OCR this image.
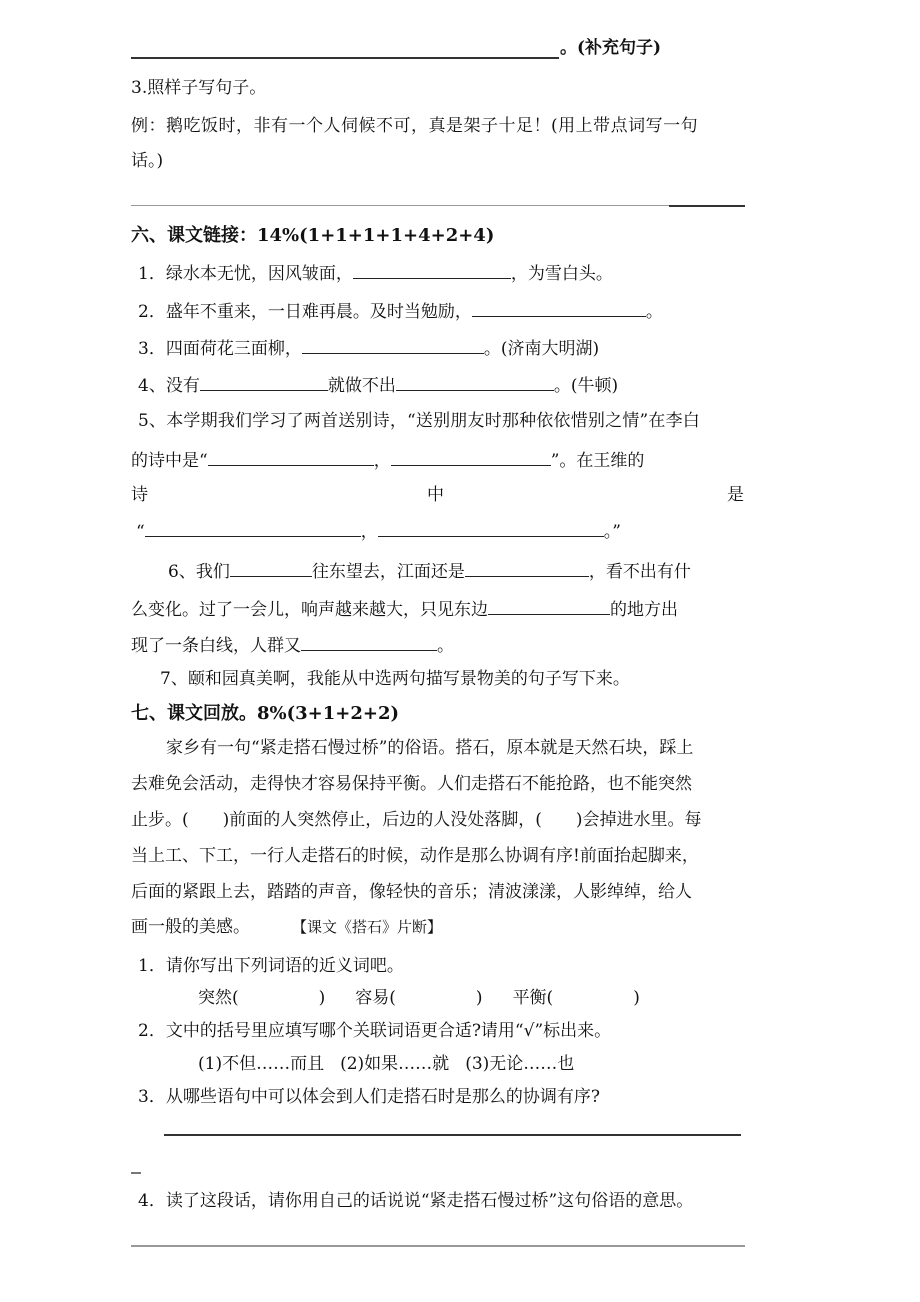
。(补充句子)
3.照样子写句子。
例：鹅吃饭时，非有一个人伺候不可，真是架子十足！(用上带点词写一句
话。)
六、课文链接：14%(1+1+1+1+4+2+4)
1．绿水本无忧，因风皱面，	，为雪白头。
2．盛年不重来，一日难再晨。及时当勉励，	。
3．四面荷花三面柳，	。(济南大明湖)
4、没有	就做不出	。(牛顿)
5、本学期我们学习了两首送别诗，“送别朋友时那种依依惜别之情”在李白
的诗中是“	，	”。在王维的
诗	中	是
“	，	。”
6、我们	往东望去，江面还是	，看不出有什
么变化。过了一会儿，响声越来越大，只见东边	的地方出
现了一条白线，人群又	。
7、颐和园真美啊，我能从中选两句描写景物美的句子写下来。
七、课文回放。8%(3+1+2+2)
家乡有一句“紧走搭石慢过桥”的俗语。搭石，原本就是天然石块，踩上
去难免会活动，走得快才容易保持平衡。人们走搭石不能抢路，也不能突然
止步。(　　)前面的人突然停止，后边的人没处落脚，(　　)会掉进水里。每
当上工、下工，一行人走搭石的时候，动作是那么协调有序!前面抬起脚来，
后面的紧跟上去，踏踏的声音，像轻快的音乐；清波漾漾，人影绰绰，给人
画一般的美感。	【课文《搭石》片断】
1．请你写出下列词语的近义词吧。
突然(	) 容易(	) 平衡(	)
2．文中的括号里应填写哪个关联词语更合适?请用“√”标出来。
(1)不但……而且 (2)如果……就 (3)无论……也
3．从哪些语句中可以体会到人们走搭石时是那么的协调有序?
4．读了这段话，请你用自己的话说说“紧走搭石慢过桥”这句俗语的意思。
